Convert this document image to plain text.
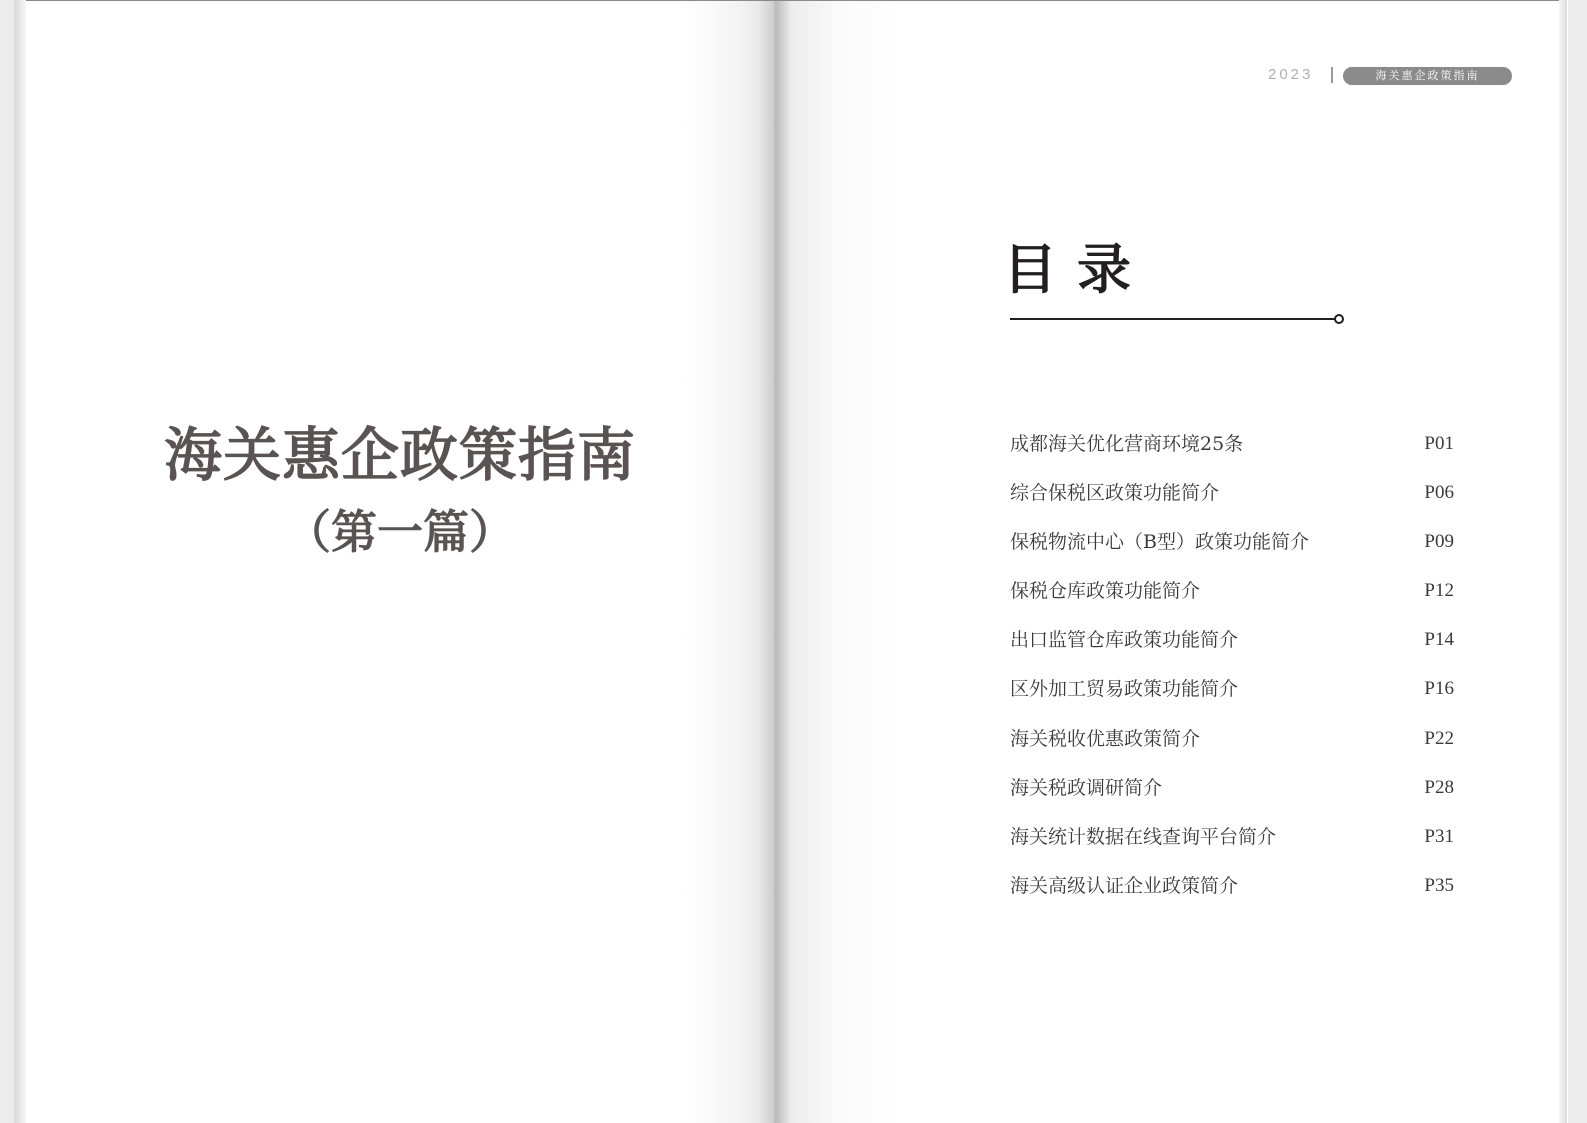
海关惠企政策指南
（第一篇）
2023	海关惠企政策指南
目录
成都海关优化营商环境25条	P01
综合保税区政策功能简介	P06
保税物流中心（B型）政策功能简介	P09
保税仓库政策功能简介	P12
出口监管仓库政策功能简介	P14
区外加工贸易政策功能简介	P16
海关税收优惠政策简介	P22
海关税政调研简介	P28
海关统计数据在线查询平台简介	P31
海关高级认证企业政策简介	P35
